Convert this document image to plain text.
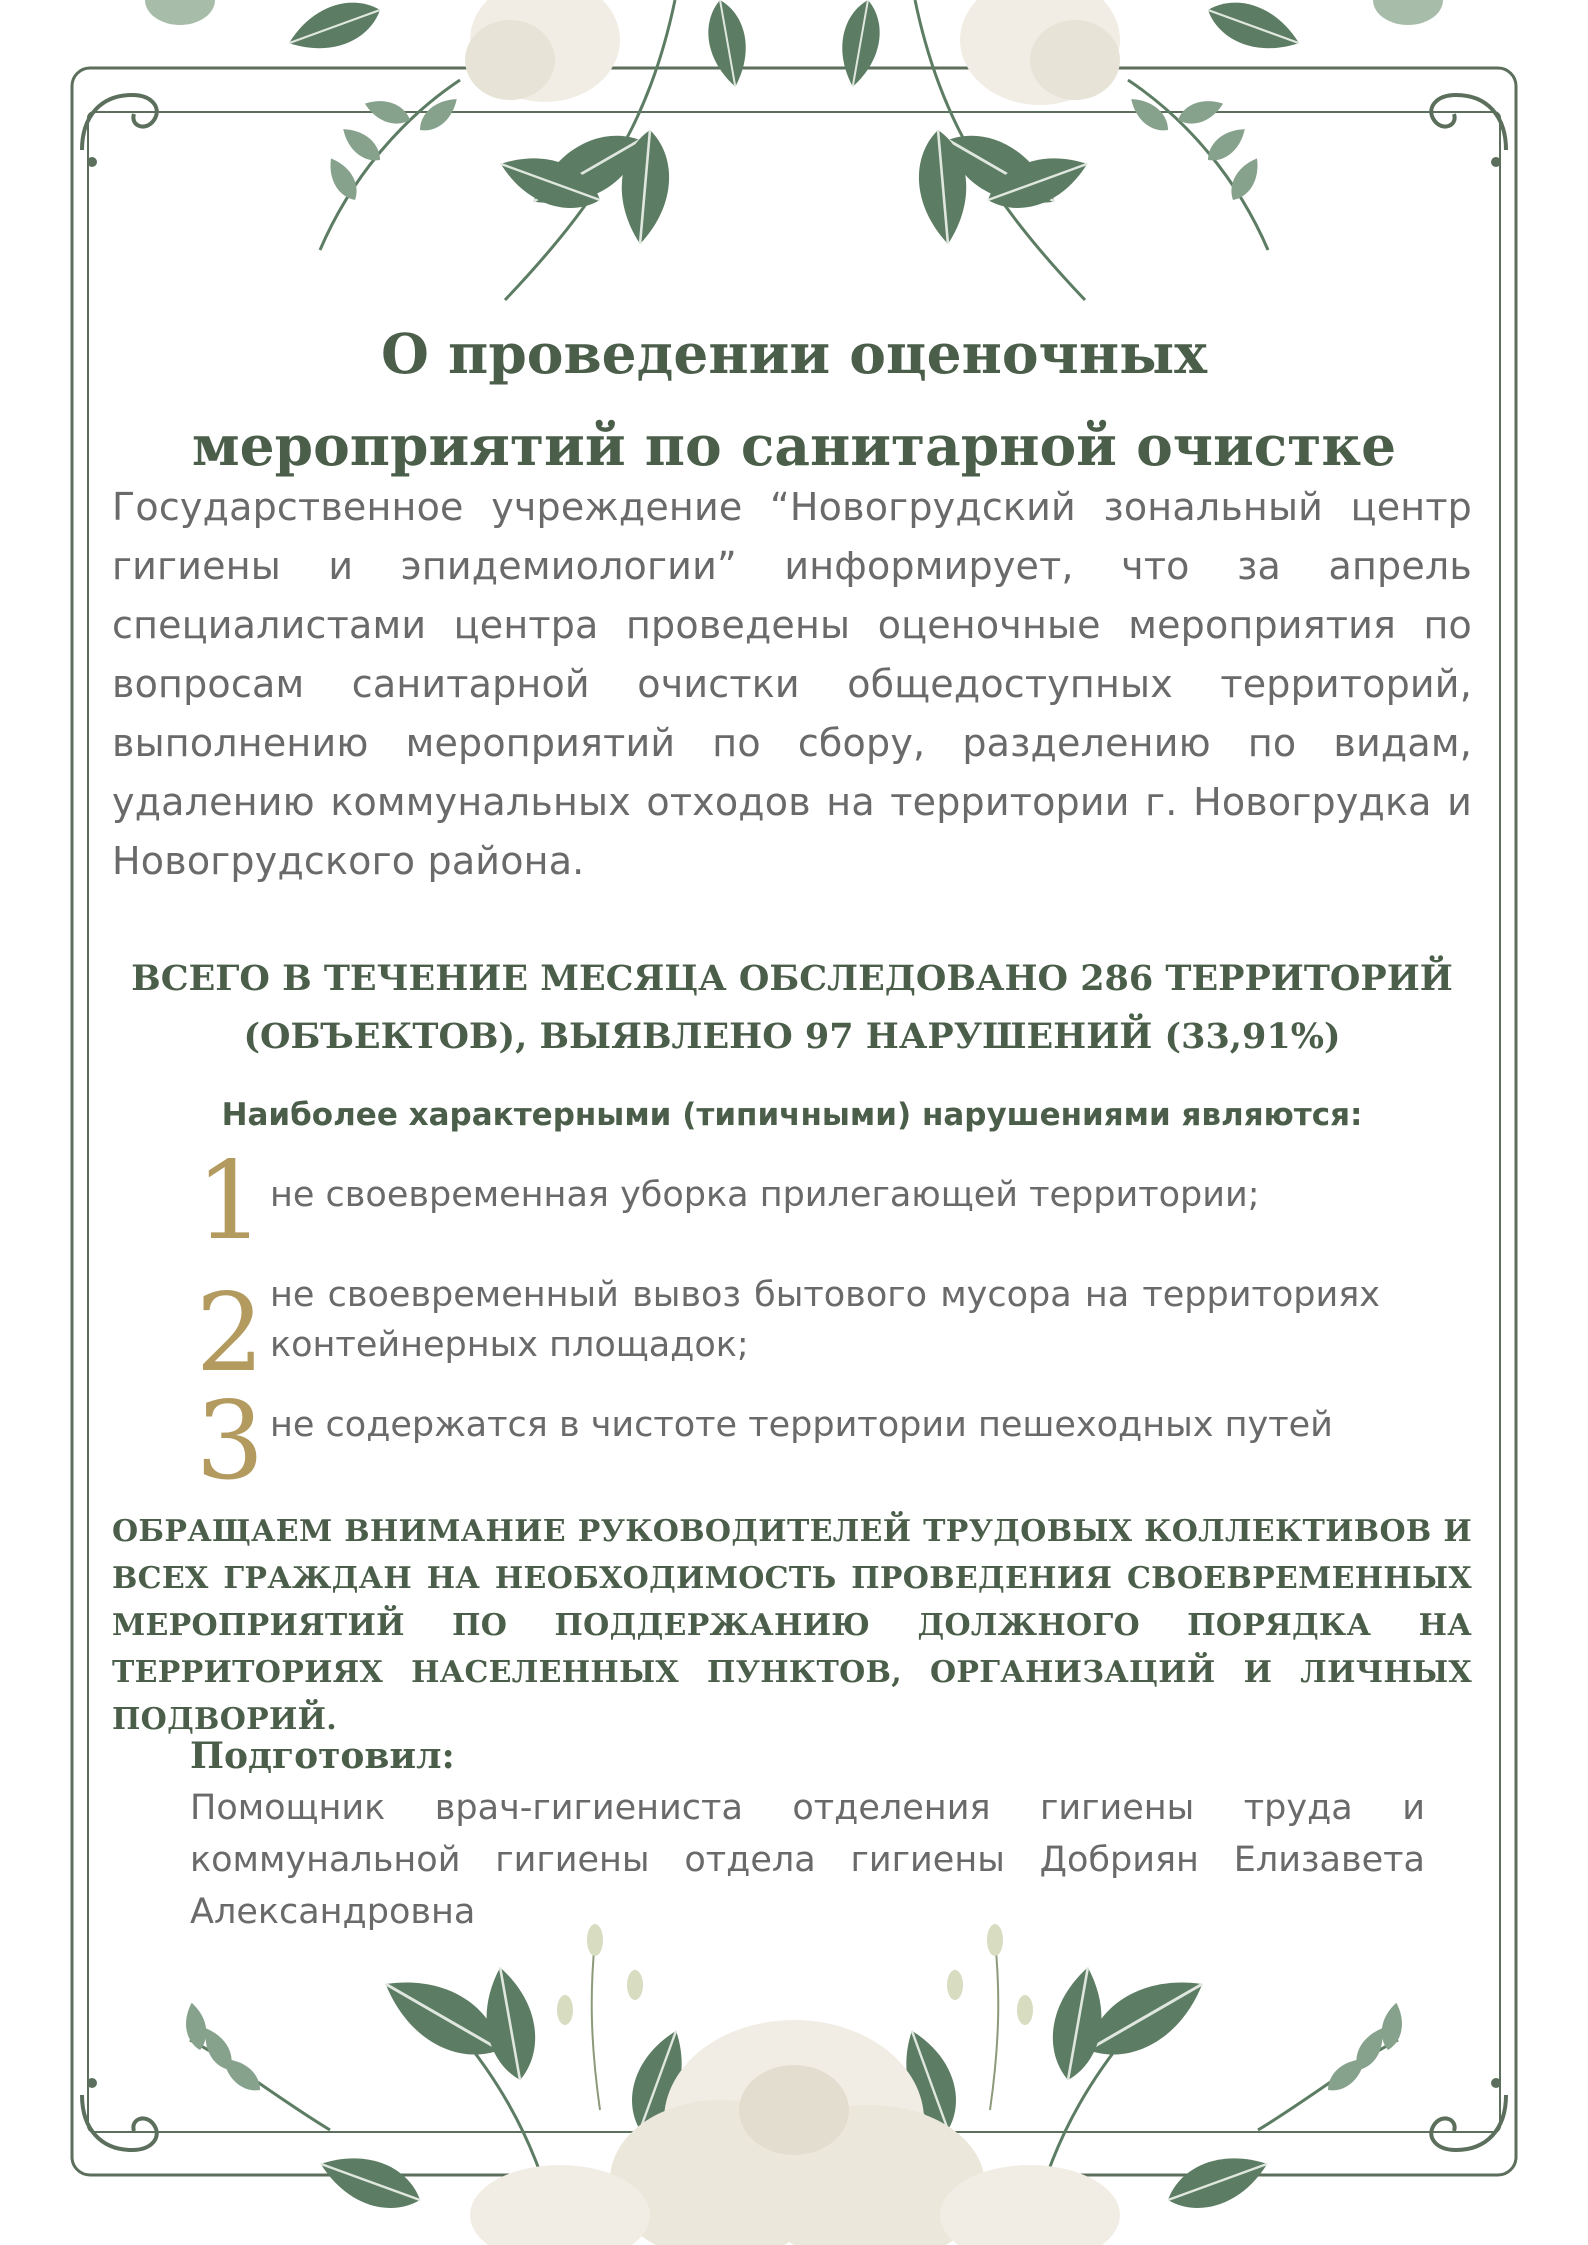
О проведении оценочных
мероприятий по санитарной очистке

Государственное учреждение “Новогрудский зональный центр гигиены и эпидемиологии” информирует, что за апрель специалистами центра проведены оценочные мероприятия по вопросам санитарной очистки общедоступных территорий, выполнению мероприятий по сбору, разделению по видам, удалению коммунальных отходов на территории г. Новогрудка и Новогрудского района.

ВСЕГО В ТЕЧЕНИЕ МЕСЯЦА ОБСЛЕДОВАНО 286 ТЕРРИТОРИЙ
(ОБЪЕКТОВ), ВЫЯВЛЕНО 97 НАРУШЕНИЙ (33,91%)

Наиболее характерными (типичными) нарушениями являются:

1 не своевременная уборка прилегающей территории;
2 не своевременный вывоз бытового мусора на территориях контейнерных площадок;
3 не содержатся в чистоте территории пешеходных путей

ОБРАЩАЕМ ВНИМАНИЕ РУКОВОДИТЕЛЕЙ ТРУДОВЫХ КОЛЛЕКТИВОВ И ВСЕХ ГРАЖДАН НА НЕОБХОДИМОСТЬ ПРОВЕДЕНИЯ СВОЕВРЕМЕННЫХ МЕРОПРИЯТИЙ ПО ПОДДЕРЖАНИЮ ДОЛЖНОГО ПОРЯДКА НА ТЕРРИТОРИЯХ НАСЕЛЕННЫХ ПУНКТОВ, ОРГАНИЗАЦИЙ И ЛИЧНЫХ ПОДВОРИЙ.

Подготовил:

Помощник врач-гигиениста отделения гигиены труда и коммунальной гигиены отдела гигиены Добриян Елизавета Александровна
